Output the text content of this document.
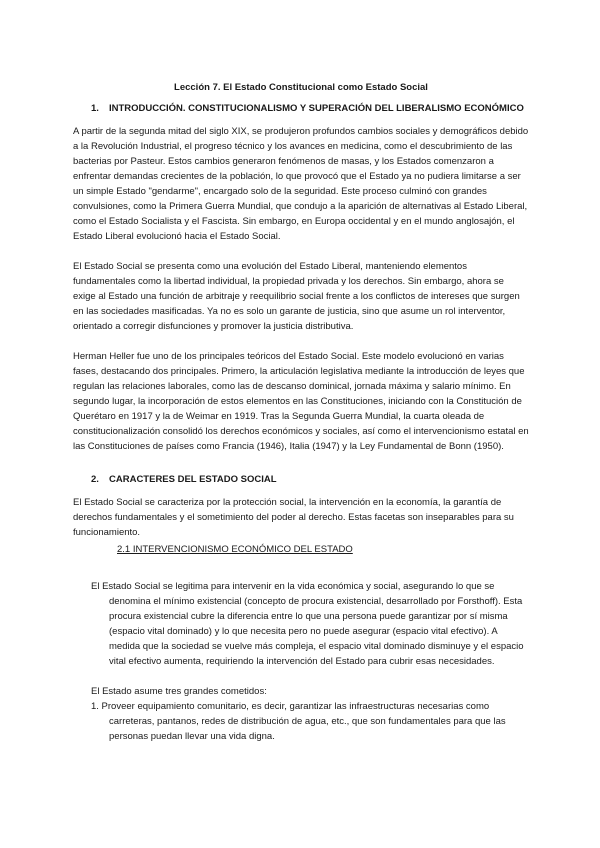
Lección 7. El Estado Constitucional como Estado Social
1. INTRODUCCIÓN. CONSTITUCIONALISMO Y SUPERACIÓN DEL LIBERALISMO ECONÓMICO

A partir de la segunda mitad del siglo XIX, se produjeron profundos cambios sociales y demográficos debido a la Revolución Industrial, el progreso técnico y los avances en medicina, como el descubrimiento de las bacterias por Pasteur. Estos cambios generaron fenómenos de masas, y los Estados comenzaron a enfrentar demandas crecientes de la población, lo que provocó que el Estado ya no pudiera limitarse a ser un simple Estado "gendarme", encargado solo de la seguridad. Este proceso culminó con grandes convulsiones, como la Primera Guerra Mundial, que condujo a la aparición de alternativas al Estado Liberal, como el Estado Socialista y el Fascista. Sin embargo, en Europa occidental y en el mundo anglosajón, el Estado Liberal evolucionó hacia el Estado Social.

El Estado Social se presenta como una evolución del Estado Liberal, manteniendo elementos fundamentales como la libertad individual, la propiedad privada y los derechos. Sin embargo, ahora se exige al Estado una función de arbitraje y reequilibrio social frente a los conflictos de intereses que surgen en las sociedades masificadas. Ya no es solo un garante de justicia, sino que asume un rol interventor, orientado a corregir disfunciones y promover la justicia distributiva.

Herman Heller fue uno de los principales teóricos del Estado Social. Este modelo evolucionó en varias fases, destacando dos principales. Primero, la articulación legislativa mediante la introducción de leyes que regulan las relaciones laborales, como las de descanso dominical, jornada máxima y salario mínimo. En segundo lugar, la incorporación de estos elementos en las Constituciones, iniciando con la Constitución de Querétaro en 1917 y la de Weimar en 1919. Tras la Segunda Guerra Mundial, la cuarta oleada de constitucionalización consolidó los derechos económicos y sociales, así como el intervencionismo estatal en las Constituciones de países como Francia (1946), Italia (1947) y la Ley Fundamental de Bonn (1950).

2. CARACTERES DEL ESTADO SOCIAL

El Estado Social se caracteriza por la protección social, la intervención en la economía, la garantía de derechos fundamentales y el sometimiento del poder al derecho. Estas facetas son inseparables para su funcionamiento.

2.1 INTERVENCIONISMO ECONÓMICO DEL ESTADO

El Estado Social se legitima para intervenir en la vida económica y social, asegurando lo que se denomina el mínimo existencial (concepto de procura existencial, desarrollado por Forsthoff). Esta procura existencial cubre la diferencia entre lo que una persona puede garantizar por sí misma (espacio vital dominado) y lo que necesita pero no puede asegurar (espacio vital efectivo). A medida que la sociedad se vuelve más compleja, el espacio vital dominado disminuye y el espacio vital efectivo aumenta, requiriendo la intervención del Estado para cubrir esas necesidades.

El Estado asume tres grandes cometidos:

1. Proveer equipamiento comunitario, es decir, garantizar las infraestructuras necesarias como carreteras, pantanos, redes de distribución de agua, etc., que son fundamentales para que las personas puedan llevar una vida digna.
